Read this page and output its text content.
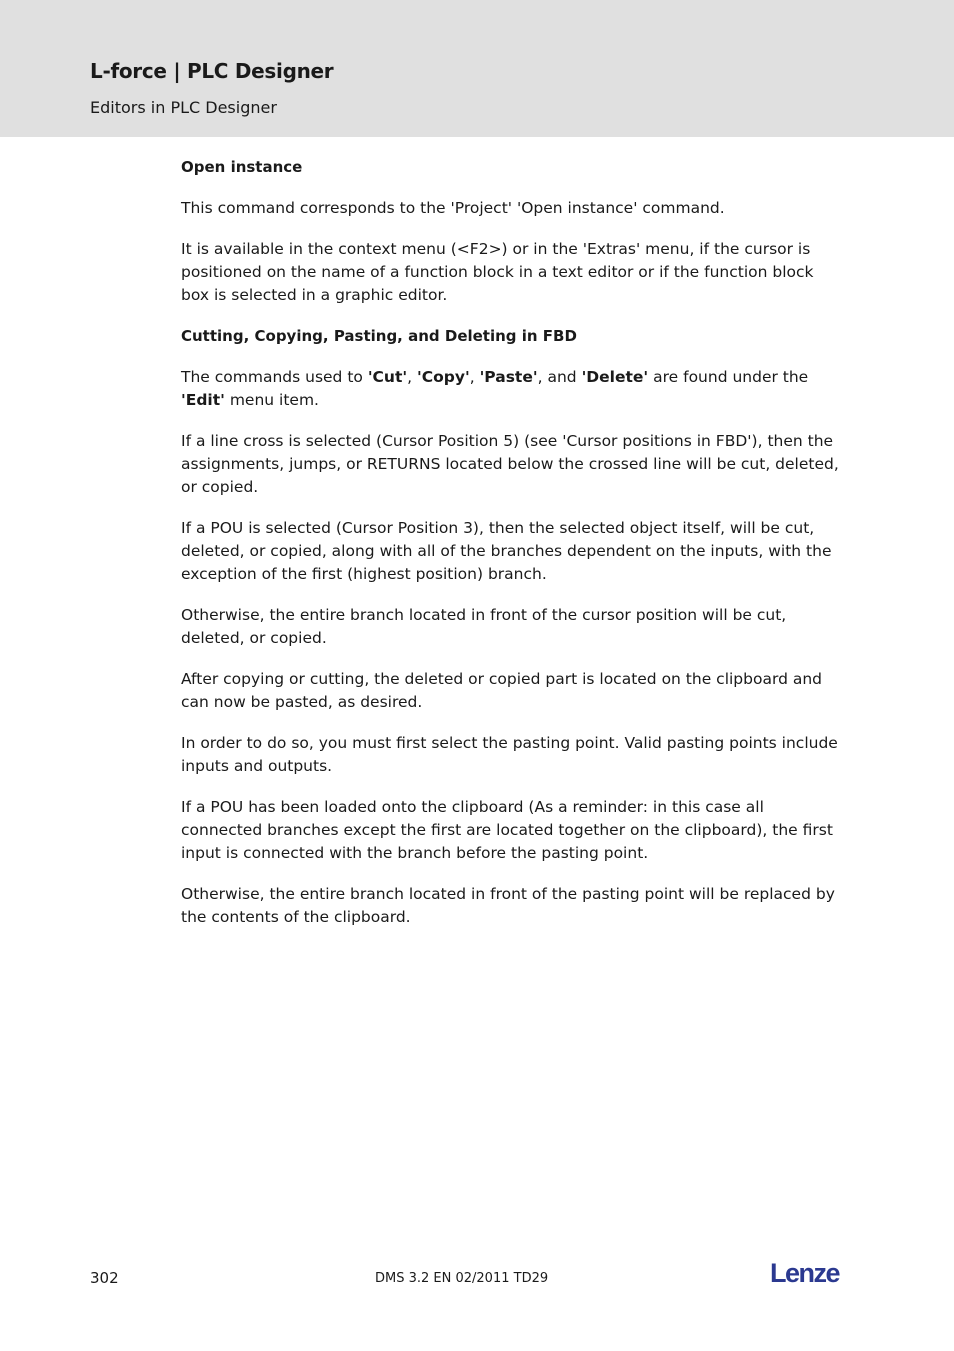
L-force | PLC Designer
Editors in PLC Designer
Open instance

This command corresponds to the 'Project' 'Open instance' command.

It is available in the context menu (<F2>) or in the 'Extras' menu, if the cursor is positioned on the name of a function block in a text editor or if the function block box is selected in a graphic editor.

Cutting, Copying, Pasting, and Deleting in FBD

The commands used to 'Cut', 'Copy', 'Paste', and 'Delete' are found under the 'Edit' menu item.

If a line cross is selected (Cursor Position 5) (see 'Cursor positions in FBD'), then the assignments, jumps, or RETURNS located below the crossed line will be cut, deleted, or copied.

If a POU is selected (Cursor Position 3), then the selected object itself, will be cut, deleted, or copied, along with all of the branches dependent on the inputs, with the exception of the first (highest position) branch.

Otherwise, the entire branch located in front of the cursor position will be cut, deleted, or copied.

After copying or cutting, the deleted or copied part is located on the clipboard and can now be pasted, as desired.

In order to do so, you must first select the pasting point. Valid pasting points include inputs and outputs.

If a POU has been loaded onto the clipboard (As a reminder: in this case all connected branches except the first are located together on the clipboard), the first input is connected with the branch before the pasting point.

Otherwise, the entire branch located in front of the pasting point will be replaced by the contents of the clipboard.

302	DMS 3.2 EN 02/2011 TD29	Lenze
